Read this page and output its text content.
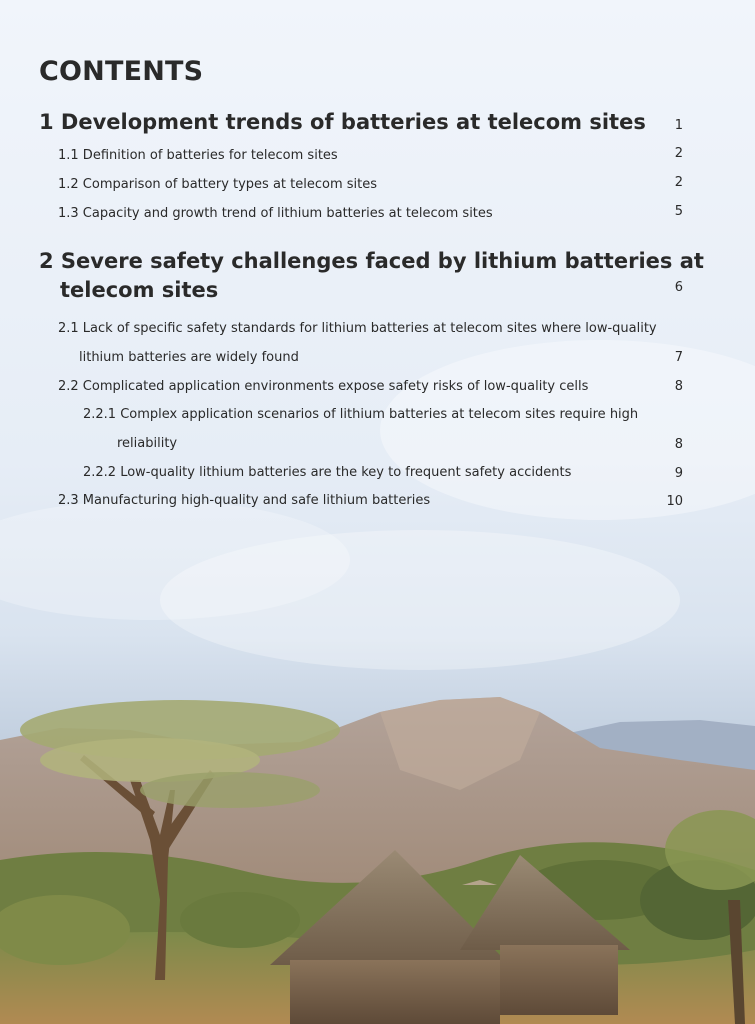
CONTENTS
1 Development trends of batteries at telecom sites 1
1.1 Definition of batteries for telecom sites	2
1.2 Comparison of battery types at telecom sites	2
1.3 Capacity and growth trend of lithium batteries at telecom sites	5
2 Severe safety challenges faced by lithium batteries at
telecom sites	6
2.1 Lack of specific safety standards for lithium batteries at telecom sites where low-quality
lithium batteries are widely found	7
2.2 Complicated application environments expose safety risks of low-quality cells	8
2.2.1 Complex application scenarios of lithium batteries at telecom sites require high
reliability	8
2.2.2 Low-quality lithium batteries are the key to frequent safety accidents	9
2.3 Manufacturing high-quality and safe lithium batteries	10
